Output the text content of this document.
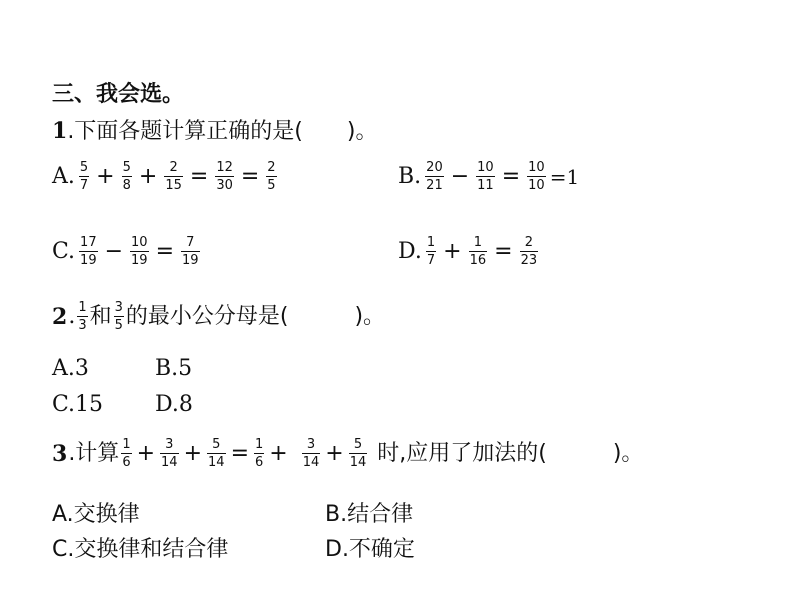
三、我会选。
1.下面各题计算正确的是(　　)。
A. $\frac{5}{7} + \frac{5}{8} + \frac{2}{15} = \frac{12}{30} = \frac{2}{5}$	B. $\frac{20}{21} - \frac{10}{11} = \frac{10}{10} =1$
C. $\frac{17}{19} - \frac{10}{19} = \frac{7}{19}$	D. $\frac{1}{7} + \frac{1}{16} = \frac{2}{23}$
2 . $\frac{1}{3}$ 和 $\frac{3}{5}$ 的最小公分母是(　　　)。
A.3	B.5
C.15 D.8
3 .计算 $\frac{1}{6} + \frac{3}{14} + \frac{5}{14} = \frac{1}{6}$ +	$\frac{3}{14} + \frac{5}{14}$ 时,应用了加法的(　　　)。
A.交换律	B.结合律
C.交换律和结合律	D.不确定
